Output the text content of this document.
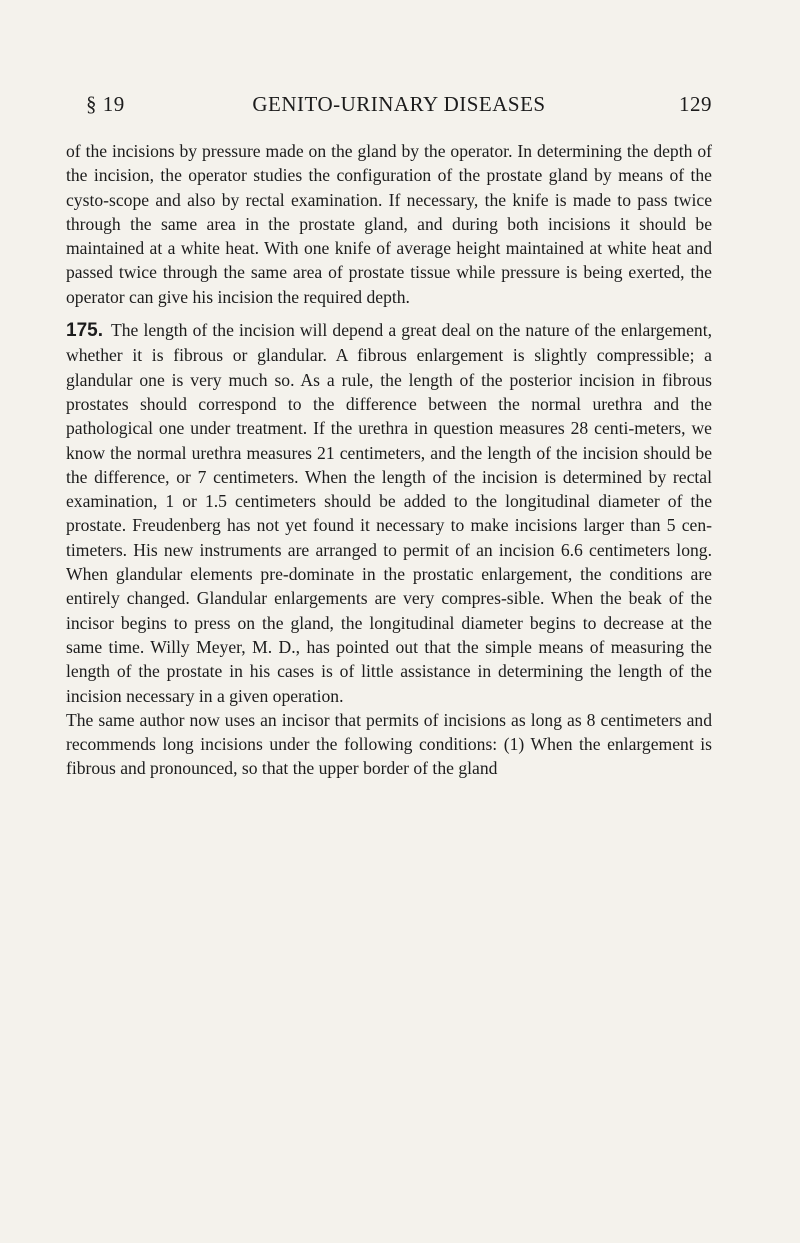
§ 19	GENITO-URINARY DISEASES	129

of the incisions by pressure made on the gland by the operator. In determining the depth of the incision, the operator studies the configuration of the prostate gland by means of the cysto-scope and also by rectal examination. If necessary, the knife is made to pass twice through the same area in the prostate gland, and during both incisions it should be maintained at a white heat. With one knife of average height maintained at white heat and passed twice through the same area of prostate tissue while pressure is being exerted, the operator can give his incision the required depth.

175. The length of the incision will depend a great deal on the nature of the enlargement, whether it is fibrous or glandular. A fibrous enlargement is slightly compressible; a glandular one is very much so. As a rule, the length of the posterior incision in fibrous prostates should correspond to the difference between the normal urethra and the pathological one under treatment. If the urethra in question measures 28 centi-meters, we know the normal urethra measures 21 centimeters, and the length of the incision should be the difference, or 7 centimeters. When the length of the incision is determined by rectal examination, 1 or 1.5 centimeters should be added to the longitudinal diameter of the prostate. Freudenberg has not yet found it necessary to make incisions larger than 5 cen-timeters. His new instruments are arranged to permit of an incision 6.6 centimeters long. When glandular elements pre-dominate in the prostatic enlargement, the conditions are entirely changed. Glandular enlargements are very compres-sible. When the beak of the incisor begins to press on the gland, the longitudinal diameter begins to decrease at the same time. Willy Meyer, M. D., has pointed out that the simple means of measuring the length of the prostate in his cases is of little assistance in determining the length of the incision necessary in a given operation.

The same author now uses an incisor that permits of incisions as long as 8 centimeters and recommends long incisions under the following conditions: (1) When the enlargement is fibrous and pronounced, so that the upper border of the gland
